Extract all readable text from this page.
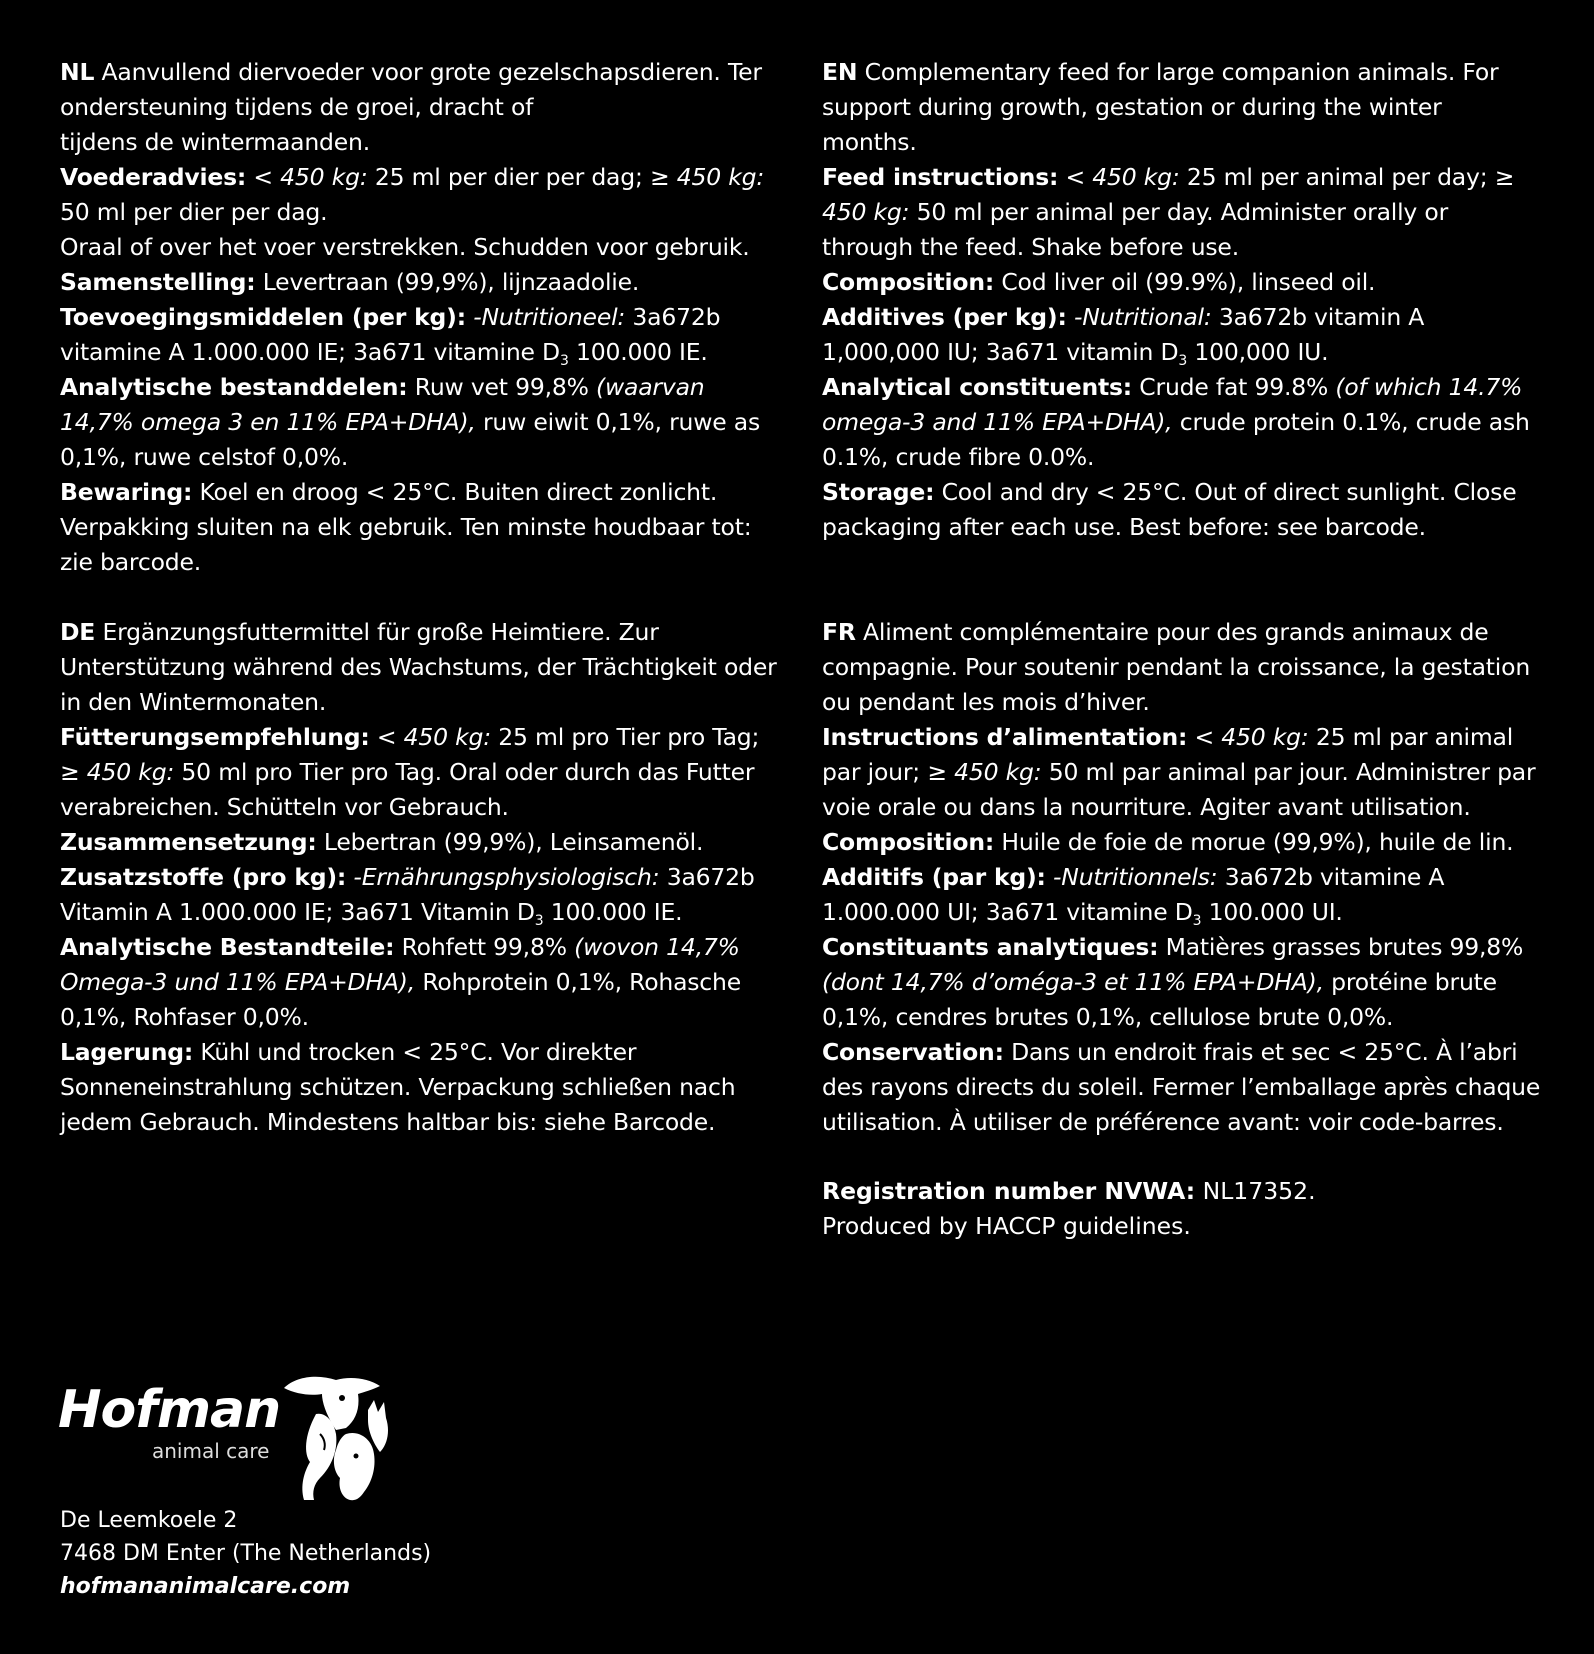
NL Aanvullend diervoeder voor grote gezelschapsdieren. Ter ondersteuning tijdens de groei, dracht of
tijdens de wintermaanden.

Voederadvies: < 450 kg: 25 ml per dier per dag; ≥ 450 kg: 50 ml per dier per dag.
Oraal of over het voer verstrekken. Schudden voor gebruik.

Samenstelling: Levertraan (99,9%), lijnzaadolie.

Toevoegingsmiddelen (per kg): -Nutritioneel: 3a672b vitamine A 1.000.000 IE; 3a671 vitamine $D_3$ 100.000 IE.

Analytische bestanddelen: Ruw vet 99,8% (waarvan 14,7% omega 3 en 11% EPA+DHA), ruw eiwit 0,1%, ruwe as 0,1%, ruwe celstof 0,0%.

Bewaring: Koel en droog < 25°C. Buiten direct zonlicht. Verpakking sluiten na elk gebruik. Ten minste houdbaar tot: zie barcode.

EN Complementary feed for large companion animals. For support during growth, gestation or during the winter months.

Feed instructions: < 450 kg: 25 ml per animal per day; ≥ 450 kg: 50 ml per animal per day. Administer orally or through the feed. Shake before use.

Composition: Cod liver oil (99.9%), linseed oil.

Additives (per kg): -Nutritional: 3a672b vitamin A 1,000,000 IU; 3a671 vitamin $D_3$ 100,000 IU.

Analytical constituents: Crude fat 99.8% (of which 14.7% omega-3 and 11% EPA+DHA), crude protein 0.1%, crude ash 0.1%, crude fibre 0.0%.

Storage: Cool and dry < 25°C. Out of direct sunlight. Close packaging after each use. Best before: see barcode.

DE Ergänzungsfuttermittel für große Heimtiere. Zur Unterstützung während des Wachstums, der Trächtigkeit oder in den Wintermonaten.

Fütterungsempfehlung: < 450 kg: 25 ml pro Tier pro Tag; ≥ 450 kg: 50 ml pro Tier pro Tag. Oral oder durch das Futter verabreichen. Schütteln vor Gebrauch.

Zusammensetzung: Lebertran (99,9%), Leinsamenöl.

Zusatzstoffe (pro kg): -Ernährungsphysiologisch: 3a672b Vitamin A 1.000.000 IE; 3a671 Vitamin $D_3$ 100.000 IE.

Analytische Bestandteile: Rohfett 99,8% (wovon 14,7% Omega-3 und 11% EPA+DHA), Rohprotein 0,1%, Rohasche 0,1%, Rohfaser 0,0%.

Lagerung: Kühl und trocken < 25°C. Vor direkter Sonneneinstrahlung schützen. Verpackung schließen nach jedem Gebrauch. Mindestens haltbar bis: siehe Barcode.

FR Aliment complémentaire pour des grands animaux de compagnie. Pour soutenir pendant la croissance, la gestation ou pendant les mois d’hiver.

Instructions d’alimentation: < 450 kg: 25 ml par animal par jour; ≥ 450 kg: 50 ml par animal par jour. Administrer par voie orale ou dans la nourriture. Agiter avant utilisation.

Composition: Huile de foie de morue (99,9%), huile de lin.

Additifs (par kg): -Nutritionnels: 3a672b vitamine A 1.000.000 UI; 3a671 vitamine $D_3$ 100.000 UI.

Constituants analytiques: Matières grasses brutes 99,8% (dont 14,7% d’oméga-3 et 11% EPA+DHA), protéine brute 0,1%, cendres brutes 0,1%, cellulose brute 0,0%.

Conservation: Dans un endroit frais et sec < 25°C. À l’abri des rayons directs du soleil. Fermer l’emballage après chaque utilisation. À utiliser de préférence avant: voir code-barres.

Registration number NVWA: NL17352.

Produced by HACCP guidelines.

Hofman
animal care

De Leemkoele 2

7468 DM Enter (The Netherlands)

hofmananimalcare.com
